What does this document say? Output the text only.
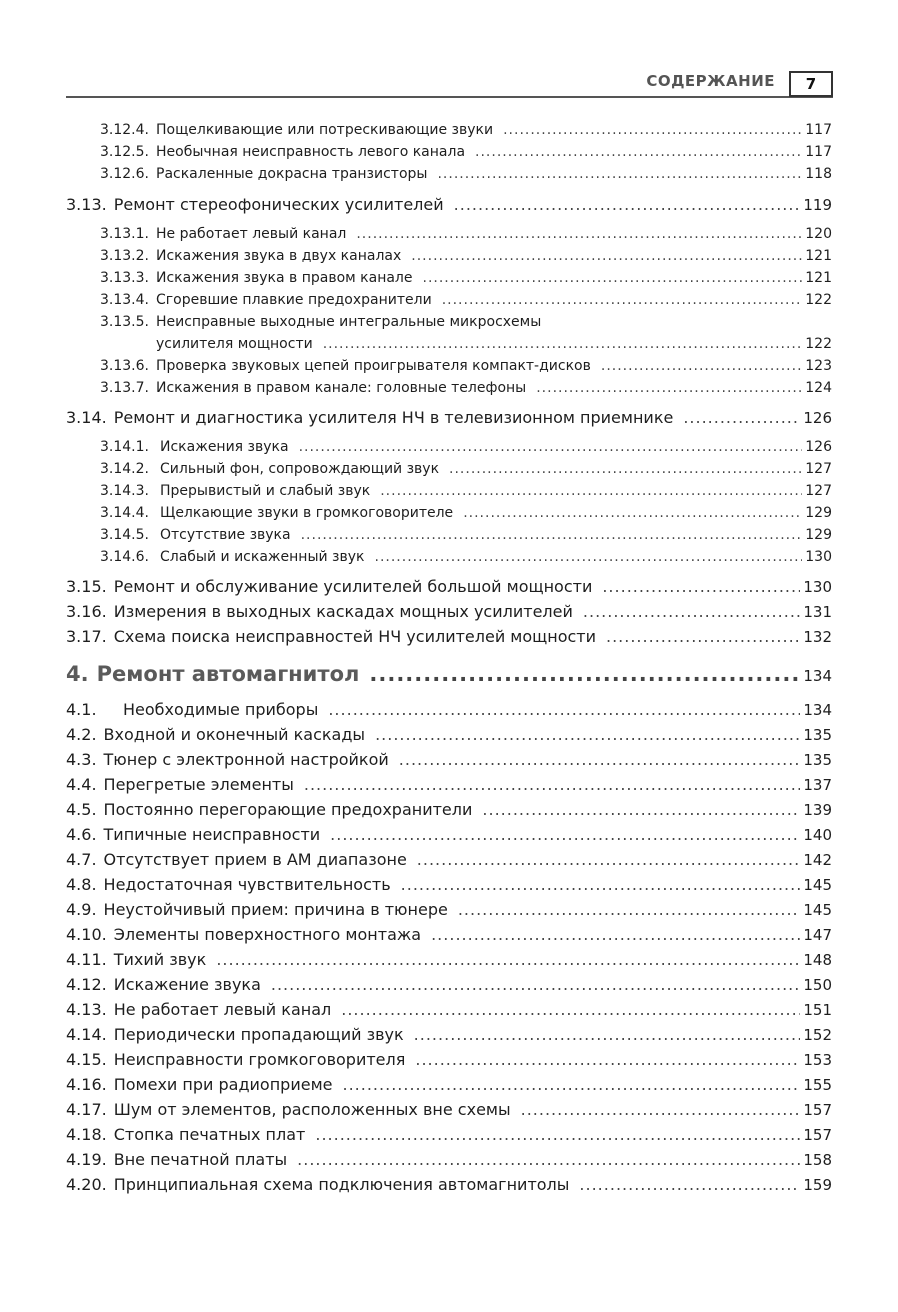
СОДЕРЖАНИЕ	7
3.12.4. Пощелкивающие или потрескивающие звуки .....	117
3.12.5. Необычная неисправность левого канала .....	117
3.12.6. Раскаленные докрасна транзисторы .....	118
3.13. Ремонт стереофонических усилителей .....	119
3.13.1. Не работает левый канал .....	120
3.13.2. Искажения звука в двух каналах .....	121
3.13.3. Искажения звука в правом канале .....	121
3.13.4. Сгоревшие плавкие предохранители .....	122
3.13.5. Неисправные выходные интегральные микросхемы
усилителя мощности .....	122
3.13.6. Проверка звуковых цепей проигрывателя компакт-дисков .....	123
3.13.7. Искажения в правом канале: головные телефоны .....	124
3.14. Ремонт и диагностика усилителя НЧ в телевизионном приемнике .....	126
3.14.1. Искажения звука .....	126
3.14.2. Сильный фон, сопровождающий звук .....	127
3.14.3. Прерывистый и слабый звук .....	127
3.14.4. Щелкающие звуки в громкоговорителе .....	129
3.14.5. Отсутствие звука .....	129
3.14.6. Слабый и искаженный звук .....	130
3.15. Ремонт и обслуживание усилителей большой мощности .....	130
3.16. Измерения в выходных каскадах мощных усилителей .....	131
3.17. Схема поиска неисправностей НЧ усилителей мощности .....	132
4. Ремонт автомагнитол .....	134
4.1.	Необходимые приборы .....	134
4.2. Входной и оконечный каскады .....	135
4.3. Тюнер с электронной настройкой .....	135
4.4. Перегретые элементы .....	137
4.5. Постоянно перегорающие предохранители .....	139
4.6. Типичные неисправности .....	140
4.7. Отсутствует прием в АМ диапазоне .....	142
4.8. Недостаточная чувствительность .....	145
4.9. Неустойчивый прием: причина в тюнере .....	145
4.10. Элементы поверхностного монтажа .....	147
4.11. Тихий звук .....	148
4.12. Искажение звука .....	150
4.13. Не работает левый канал .....	151
4.14. Периодически пропадающий звук .....	152
4.15. Неисправности громкоговорителя .....	153
4.16. Помехи при радиоприеме .....	155
4.17. Шум от элементов, расположенных вне схемы .....	157
4.18. Стопка печатных плат .....	157
4.19. Вне печатной платы .....	158
4.20. Принципиальная схема подключения автомагнитолы .....	159
